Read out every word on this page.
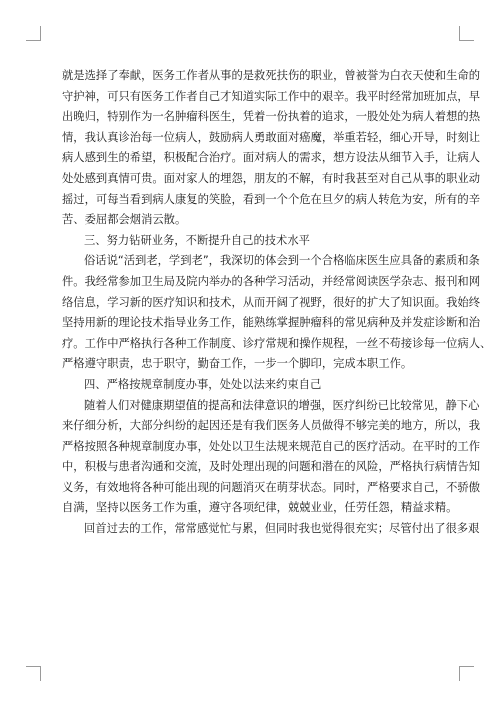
就是选择了奉献，医务工作者从事的是救死扶伤的职业，曾被誉为白衣天使和生命的
守护神，可只有医务工作者自己才知道实际工作中的艰辛。我平时经常加班加点，早
出晚归，特别作为一名肿瘤科医生，凭着一份执着的追求，一股处处为病人着想的热
情，我认真诊治每一位病人，鼓励病人勇敢面对癌魔，举重若轻，细心开导，时刻让
病人感到生的希望，积极配合治疗。面对病人的需求，想方设法从细节入手，让病人
处处感到真情可贵。面对家人的埋怨，朋友的不解，有时我甚至对自己从事的职业动
摇过，可每当看到病人康复的笑脸，看到一个个危在旦夕的病人转危为安，所有的辛
苦、委屈都会烟消云散。
三、努力钻研业务，不断提升自己的技术水平
俗话说“活到老，学到老”，我深切的体会到一个合格临床医生应具备的素质和条
件。我经常参加卫生局及院内举办的各种学习活动，并经常阅读医学杂志、报刊和网
络信息，学习新的医疗知识和技术，从而开阔了视野，很好的扩大了知识面。我始终
坚持用新的理论技术指导业务工作，能熟练掌握肿瘤科的常见病种及并发症诊断和治
疗。工作中严格执行各种工作制度、诊疗常规和操作规程，一丝不苟接诊每一位病人、
严格遵守职责，忠于职守，勤奋工作，一步一个脚印，完成本职工作。
四、严格按规章制度办事，处处以法来约束自己
随着人们对健康期望值的提高和法律意识的增强，医疗纠纷已比较常见，静下心
来仔细分析，大部分纠纷的起因还是有我们医务人员做得不够完美的地方，所以，我
严格按照各种规章制度办事，处处以卫生法规来规范自己的医疗活动。在平时的工作
中，积极与患者沟通和交流，及时处理出现的问题和潜在的风险，严格执行病情告知
义务，有效地将各种可能出现的问题消灭在萌芽状态。同时，严格要求自己，不骄傲
自满，坚持以医务工作为重，遵守各项纪律，兢兢业业，任劳任怨，精益求精。
回首过去的工作，常常感觉忙与累，但同时我也觉得很充实；尽管付出了很多艰
